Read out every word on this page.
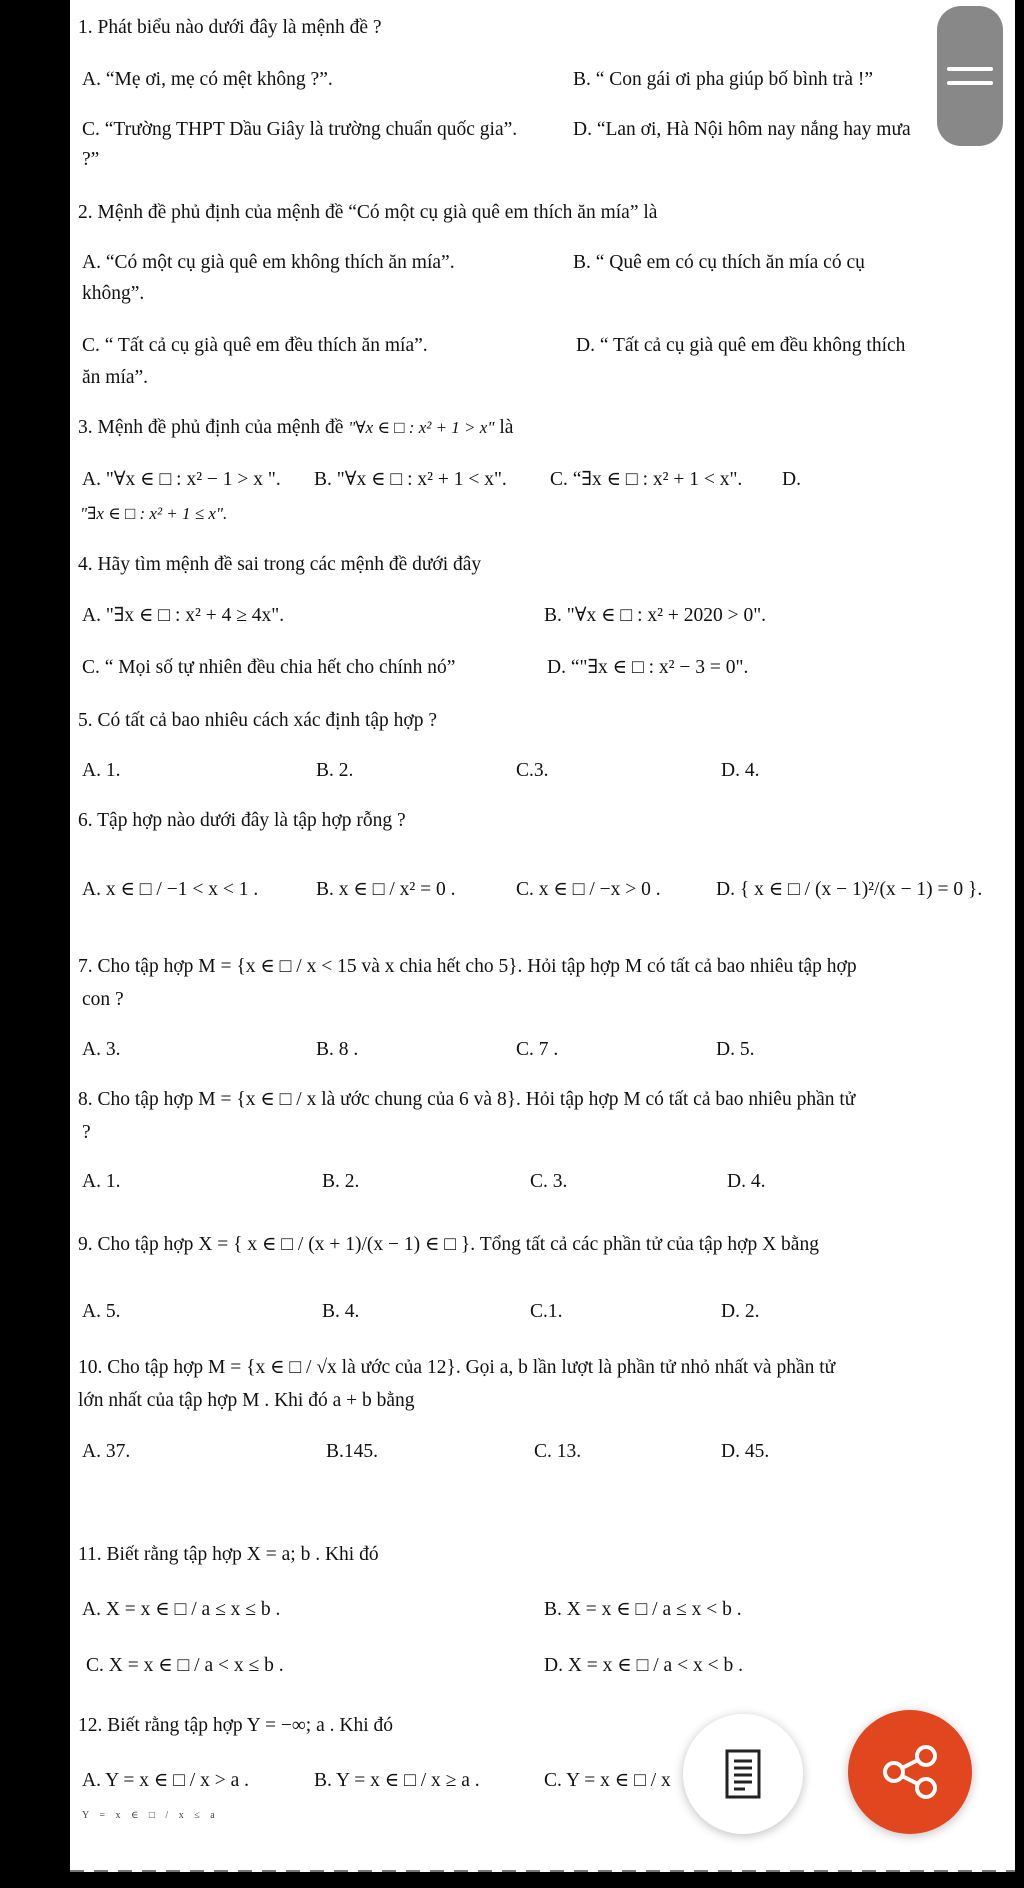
1. Phát biểu nào dưới đây là mệnh đề ?
A. “Mẹ ơi, mẹ có mệt không ?”.	B. “ Con gái ơi pha giúp bố bình trà !”
C. “Trường THPT Dầu Giây là trường chuẩn quốc gia”.	D. “Lan ơi, Hà Nội hôm nay nắng hay mưa
?”
2. Mệnh đề phủ định của mệnh đề “Có một cụ già quê em thích ăn mía” là
A. “Có một cụ già quê em không thích ăn mía”.	B. “ Quê em có cụ thích ăn mía có cụ
không”.
C. “ Tất cả cụ già quê em đều thích ăn mía”.	D. “ Tất cả cụ già quê em đều không thích
ăn mía”.
3. Mệnh đề phủ định của mệnh đề "∀x ∈ □ : x² + 1 > x" là
A. "∀x ∈ □ : x² − 1 > x ". B. "∀x ∈ □ : x² + 1 < x". C. “∃x ∈ □ : x² + 1 < x". D.
"∃x ∈ □ : x² + 1 ≤ x".
4. Hãy tìm mệnh đề sai trong các mệnh đề dưới đây
A. "∃x ∈ □ : x² + 4 ≥ 4x".	B. "∀x ∈ □ : x² + 2020 > 0".
C. “ Mọi số tự nhiên đều chia hết cho chính nó”	D. “"∃x ∈ □ : x² − 3 = 0".
5. Có tất cả bao nhiêu cách xác định tập hợp ?
A. 1.	B. 2.	C.3.	D. 4.
6. Tập hợp nào dưới đây là tập hợp rỗng ?
A. x ∈ □ / −1 < x < 1 .	B. x ∈ □ / x² = 0 .	C. x ∈ □ / −x > 0 .	D. { x ∈ □ / (x − 1)²/(x − 1) = 0 }.
7. Cho tập hợp M = {x ∈ □ / x < 15 và x chia hết cho 5}. Hỏi tập hợp M có tất cả bao nhiêu tập hợp
con ?
A. 3.	B. 8 .	C. 7 .	D. 5.
8. Cho tập hợp M = {x ∈ □ / x là ước chung của 6 và 8}. Hỏi tập hợp M có tất cả bao nhiêu phần tử
?
A. 1.	B. 2.	C. 3.	D. 4.
9. Cho tập hợp X = { x ∈ □ / (x + 1)/(x − 1) ∈ □ }. Tổng tất cả các phần tử của tập hợp X bằng
A. 5.	B. 4.	C.1.	D. 2.
10. Cho tập hợp M = {x ∈ □ / √x là ước của 12}. Gọi a, b lần lượt là phần tử nhỏ nhất và phần tử
lớn nhất của tập hợp M . Khi đó a + b bằng
A. 37.	B.145.	C. 13.	D. 45.
11. Biết rằng tập hợp X = a; b . Khi đó
A. X = x ∈ □ / a ≤ x ≤ b .	B. X = x ∈ □ / a ≤ x < b .
C. X = x ∈ □ / a < x ≤ b .	D. X = x ∈ □ / a < x < b .
12. Biết rằng tập hợp Y = −∞; a . Khi đó
A. Y = x ∈ □ / x > a .	B. Y = x ∈ □ / x ≥ a .	C. Y = x ∈ □ / x
Y = x ∈ □ / x ≤ a
